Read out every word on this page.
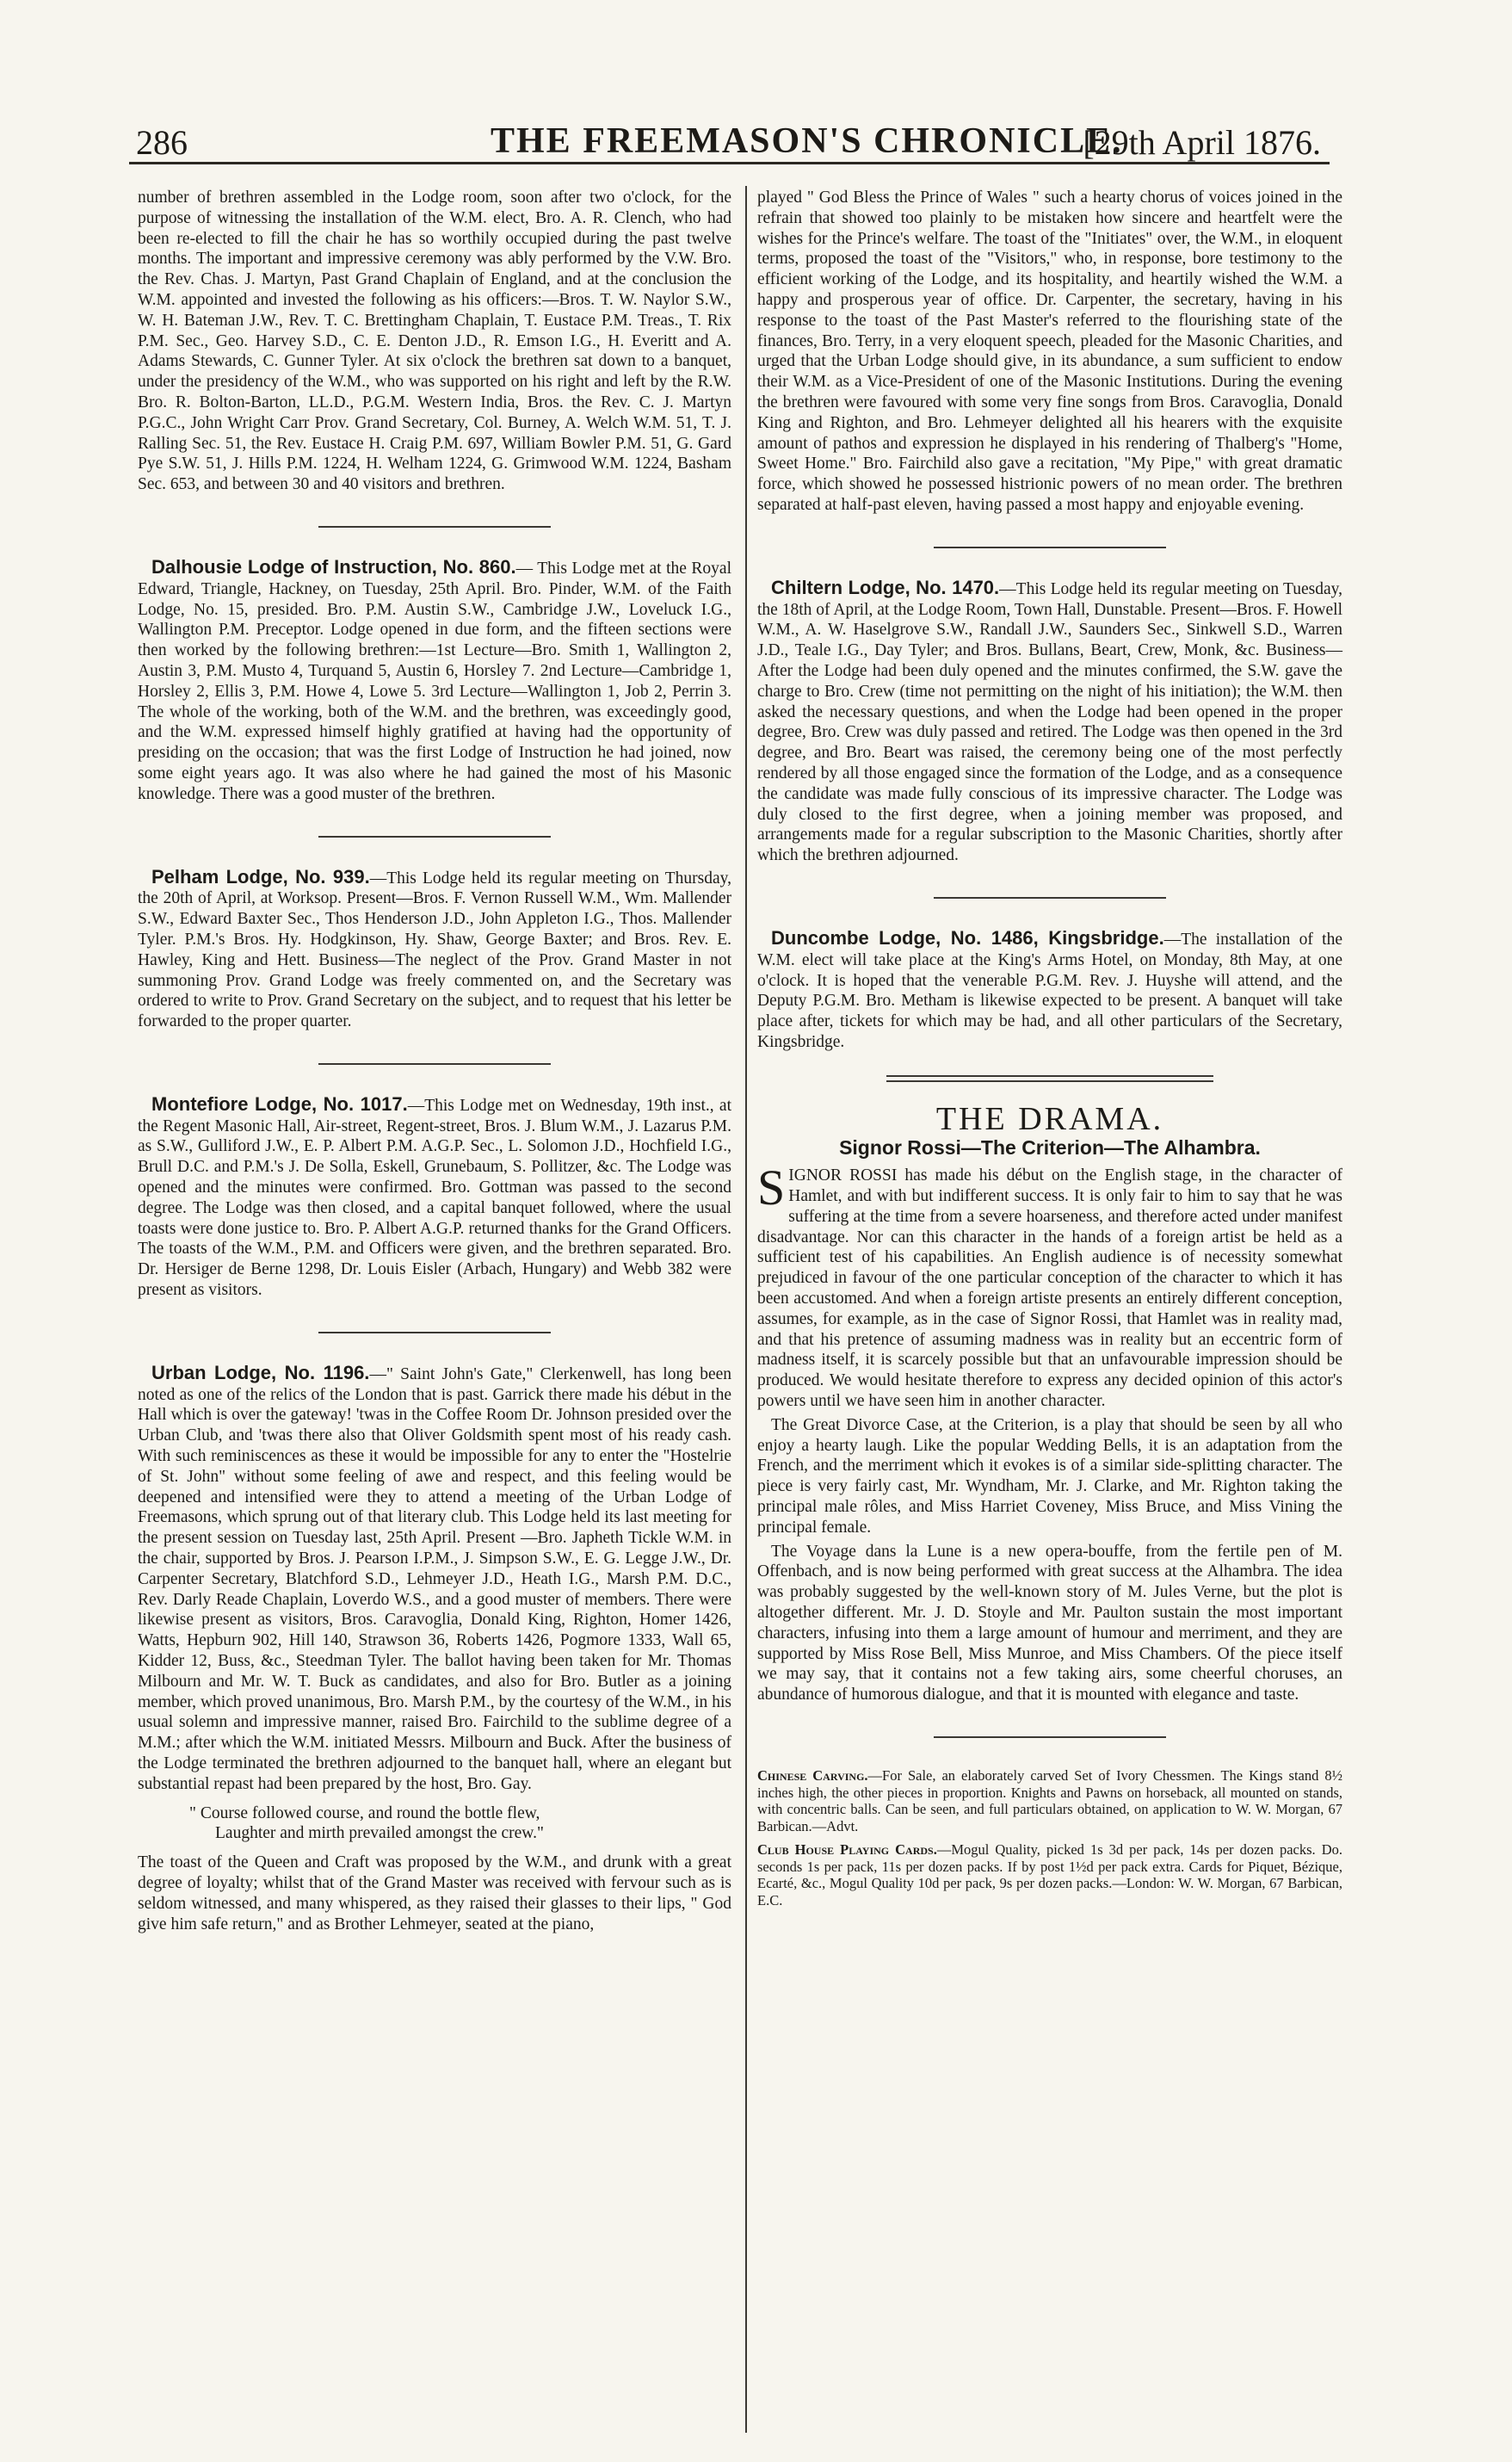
286	THE FREEMASON'S CHRONICLE.
[29th April 1876.

number of brethren assembled in the Lodge room, soon after two o'clock, for the purpose of witnessing the installation of the W.M. elect, Bro. A. R. Clench, who had been re-elected to fill the chair he has so worthily occupied during the past twelve months. The important and impressive ceremony was ably performed by the V.W. Bro. the Rev. Chas. J. Martyn, Past Grand Chaplain of England, and at the conclusion the W.M. appointed and invested the following as his officers:—Bros. T. W. Naylor S.W., W. H. Bateman J.W., Rev. T. C. Brettingham Chaplain, T. Eustace P.M. Treas., T. Rix P.M. Sec., Geo. Harvey S.D., C. E. Denton J.D., R. Emson I.G., H. Everitt and A. Adams Stewards, C. Gunner Tyler. At six o'clock the brethren sat down to a banquet, under the presidency of the W.M., who was supported on his right and left by the R.W. Bro. R. Bolton-Barton, LL.D., P.G.M. Western India, Bros. the Rev. C. J. Martyn P.G.C., John Wright Carr Prov. Grand Secretary, Col. Burney, A. Welch W.M. 51, T. J. Ralling Sec. 51, the Rev. Eustace H. Craig P.M. 697, William Bowler P.M. 51, G. Gard Pye S.W. 51, J. Hills P.M. 1224, H. Welham 1224, G. Grimwood W.M. 1224, Basham Sec. 653, and between 30 and 40 visitors and brethren.

Dalhousie Lodge of Instruction, No. 860.— This Lodge met at the Royal Edward, Triangle, Hackney, on Tuesday, 25th April. Bro. Pinder, W.M. of the Faith Lodge, No. 15, presided. Bro. P.M. Austin S.W., Cambridge J.W., Loveluck I.G., Wallington P.M. Preceptor. Lodge opened in due form, and the fifteen sections were then worked by the following brethren:—1st Lecture—Bro. Smith 1, Wallington 2, Austin 3, P.M. Musto 4, Turquand 5, Austin 6, Horsley 7. 2nd Lecture—Cambridge 1, Horsley 2, Ellis 3, P.M. Howe 4, Lowe 5. 3rd Lecture—Wallington 1, Job 2, Perrin 3. The whole of the working, both of the W.M. and the brethren, was exceedingly good, and the W.M. expressed himself highly gratified at having had the opportunity of presiding on the occasion; that was the first Lodge of Instruction he had joined, now some eight years ago. It was also where he had gained the most of his Masonic knowledge. There was a good muster of the brethren.

Pelham Lodge, No. 939.—This Lodge held its regular meeting on Thursday, the 20th of April, at Worksop. Present—Bros. F. Vernon Russell W.M., Wm. Mallender S.W., Edward Baxter Sec., Thos Henderson J.D., John Appleton I.G., Thos. Mallender Tyler. P.M.'s Bros. Hy. Hodgkinson, Hy. Shaw, George Baxter; and Bros. Rev. E. Hawley, King and Hett. Business—The neglect of the Prov. Grand Master in not summoning Prov. Grand Lodge was freely commented on, and the Secretary was ordered to write to Prov. Grand Secretary on the subject, and to request that his letter be forwarded to the proper quarter.

Montefiore Lodge, No. 1017.—This Lodge met on Wednesday, 19th inst., at the Regent Masonic Hall, Air-street, Regent-street, Bros. J. Blum W.M., J. Lazarus P.M. as S.W., Gulliford J.W., E. P. Albert P.M. A.G.P. Sec., L. Solomon J.D., Hochfield I.G., Brull D.C. and P.M.'s J. De Solla, Eskell, Grunebaum, S. Pollitzer, &c. The Lodge was opened and the minutes were confirmed. Bro. Gottman was passed to the second degree. The Lodge was then closed, and a capital banquet followed, where the usual toasts were done justice to. Bro. P. Albert A.G.P. returned thanks for the Grand Officers. The toasts of the W.M., P.M. and Officers were given, and the brethren separated. Bro. Dr. Hersiger de Berne 1298, Dr. Louis Eisler (Arbach, Hungary) and Webb 382 were present as visitors.

Urban Lodge, No. 1196.—" Saint John's Gate," Clerkenwell, has long been noted as one of the relics of the London that is past. Garrick there made his début in the Hall which is over the gateway! 'twas in the Coffee Room Dr. Johnson presided over the Urban Club, and 'twas there also that Oliver Goldsmith spent most of his ready cash. With such reminiscences as these it would be impossible for any to enter the "Hostelrie of St. John" without some feeling of awe and respect, and this feeling would be deepened and intensified were they to attend a meeting of the Urban Lodge of Freemasons, which sprung out of that literary club. This Lodge held its last meeting for the present session on Tuesday last, 25th April. Present —Bro. Japheth Tickle W.M. in the chair, supported by Bros. J. Pearson I.P.M., J. Simpson S.W., E. G. Legge J.W., Dr. Carpenter Secretary, Blatchford S.D., Lehmeyer J.D., Heath I.G., Marsh P.M. D.C., Rev. Darly Reade Chaplain, Loverdo W.S., and a good muster of members. There were likewise present as visitors, Bros. Caravoglia, Donald King, Righton, Homer 1426, Watts, Hepburn 902, Hill 140, Strawson 36, Roberts 1426, Pogmore 1333, Wall 65, Kidder 12, Buss, &c., Steedman Tyler. The ballot having been taken for Mr. Thomas Milbourn and Mr. W. T. Buck as candidates, and also for Bro. Butler as a joining member, which proved unanimous, Bro. Marsh P.M., by the courtesy of the W.M., in his usual solemn and impressive manner, raised Bro. Fairchild to the sublime degree of a M.M.; after which the W.M. initiated Messrs. Milbourn and Buck. After the business of the Lodge terminated the brethren adjourned to the banquet hall, where an elegant but substantial repast had been prepared by the host, Bro. Gay.

" Course followed course, and round the bottle flew,
Laughter and mirth prevailed amongst the crew."

The toast of the Queen and Craft was proposed by the W.M., and drunk with a great degree of loyalty; whilst that of the Grand Master was received with fervour such as is seldom witnessed, and many whispered, as they raised their glasses to their lips, " God give him safe return," and as Brother Lehmeyer, seated at the piano,

played " God Bless the Prince of Wales " such a hearty chorus of voices joined in the refrain that showed too plainly to be mistaken how sincere and heartfelt were the wishes for the Prince's welfare. The toast of the "Initiates" over, the W.M., in eloquent terms, proposed the toast of the "Visitors," who, in response, bore testimony to the efficient working of the Lodge, and its hospitality, and heartily wished the W.M. a happy and prosperous year of office. Dr. Carpenter, the secretary, having in his response to the toast of the Past Master's referred to the flourishing state of the finances, Bro. Terry, in a very eloquent speech, pleaded for the Masonic Charities, and urged that the Urban Lodge should give, in its abundance, a sum sufficient to endow their W.M. as a Vice-President of one of the Masonic Institutions. During the evening the brethren were favoured with some very fine songs from Bros. Caravoglia, Donald King and Righton, and Bro. Lehmeyer delighted all his hearers with the exquisite amount of pathos and expression he displayed in his rendering of Thalberg's "Home, Sweet Home." Bro. Fairchild also gave a recitation, "My Pipe," with great dramatic force, which showed he possessed histrionic powers of no mean order. The brethren separated at half-past eleven, having passed a most happy and enjoyable evening.

Chiltern Lodge, No. 1470.—This Lodge held its regular meeting on Tuesday, the 18th of April, at the Lodge Room, Town Hall, Dunstable. Present—Bros. F. Howell W.M., A. W. Haselgrove S.W., Randall J.W., Saunders Sec., Sinkwell S.D., Warren J.D., Teale I.G., Day Tyler; and Bros. Bullans, Beart, Crew, Monk, &c. Business—After the Lodge had been duly opened and the minutes confirmed, the S.W. gave the charge to Bro. Crew (time not permitting on the night of his initiation); the W.M. then asked the necessary questions, and when the Lodge had been opened in the proper degree, Bro. Crew was duly passed and retired. The Lodge was then opened in the 3rd degree, and Bro. Beart was raised, the ceremony being one of the most perfectly rendered by all those engaged since the formation of the Lodge, and as a consequence the candidate was made fully conscious of its impressive character. The Lodge was duly closed to the first degree, when a joining member was proposed, and arrangements made for a regular subscription to the Masonic Charities, shortly after which the brethren adjourned.

Duncombe Lodge, No. 1486, Kingsbridge.—The installation of the W.M. elect will take place at the King's Arms Hotel, on Monday, 8th May, at one o'clock. It is hoped that the venerable P.G.M. Rev. J. Huyshe will attend, and the Deputy P.G.M. Bro. Metham is likewise expected to be present. A banquet will take place after, tickets for which may be had, and all other particulars of the Secretary, Kingsbridge.

THE DRAMA.
Signor Rossi—The Criterion—The Alhambra.

SIGNOR ROSSI has made his début on the English stage, in the character of Hamlet, and with but indifferent success. It is only fair to him to say that he was suffering at the time from a severe hoarseness, and therefore acted under manifest disadvantage. Nor can this character in the hands of a foreign artist be held as a sufficient test of his capabilities. An English audience is of necessity somewhat prejudiced in favour of the one particular conception of the character to which it has been accustomed. And when a foreign artiste presents an entirely different conception, assumes, for example, as in the case of Signor Rossi, that Hamlet was in reality mad, and that his pretence of assuming madness was in reality but an eccentric form of madness itself, it is scarcely possible but that an unfavourable impression should be produced. We would hesitate therefore to express any decided opinion of this actor's powers until we have seen him in another character.

The Great Divorce Case, at the Criterion, is a play that should be seen by all who enjoy a hearty laugh. Like the popular Wedding Bells, it is an adaptation from the French, and the merriment which it evokes is of a similar side-splitting character. The piece is very fairly cast, Mr. Wyndham, Mr. J. Clarke, and Mr. Righton taking the principal male rôles, and Miss Harriet Coveney, Miss Bruce, and Miss Vining the principal female.

The Voyage dans la Lune is a new opera-bouffe, from the fertile pen of M. Offenbach, and is now being performed with great success at the Alhambra. The idea was probably suggested by the well-known story of M. Jules Verne, but the plot is altogether different. Mr. J. D. Stoyle and Mr. Paulton sustain the most important characters, infusing into them a large amount of humour and merriment, and they are supported by Miss Rose Bell, Miss Munroe, and Miss Chambers. Of the piece itself we may say, that it contains not a few taking airs, some cheerful choruses, an abundance of humorous dialogue, and that it is mounted with elegance and taste.

Chinese Carving.—For Sale, an elaborately carved Set of Ivory Chessmen. The Kings stand 8½ inches high, the other pieces in proportion. Knights and Pawns on horseback, all mounted on stands, with concentric balls. Can be seen, and full particulars obtained, on application to W. W. Morgan, 67 Barbican.—Advt.

Club House Playing Cards.—Mogul Quality, picked 1s 3d per pack, 14s per dozen packs. Do. seconds 1s per pack, 11s per dozen packs. If by post 1½d per pack extra. Cards for Piquet, Bézique, Ecarté, &c., Mogul Quality 10d per pack, 9s per dozen packs.—London: W. W. Morgan, 67 Barbican, E.C.
